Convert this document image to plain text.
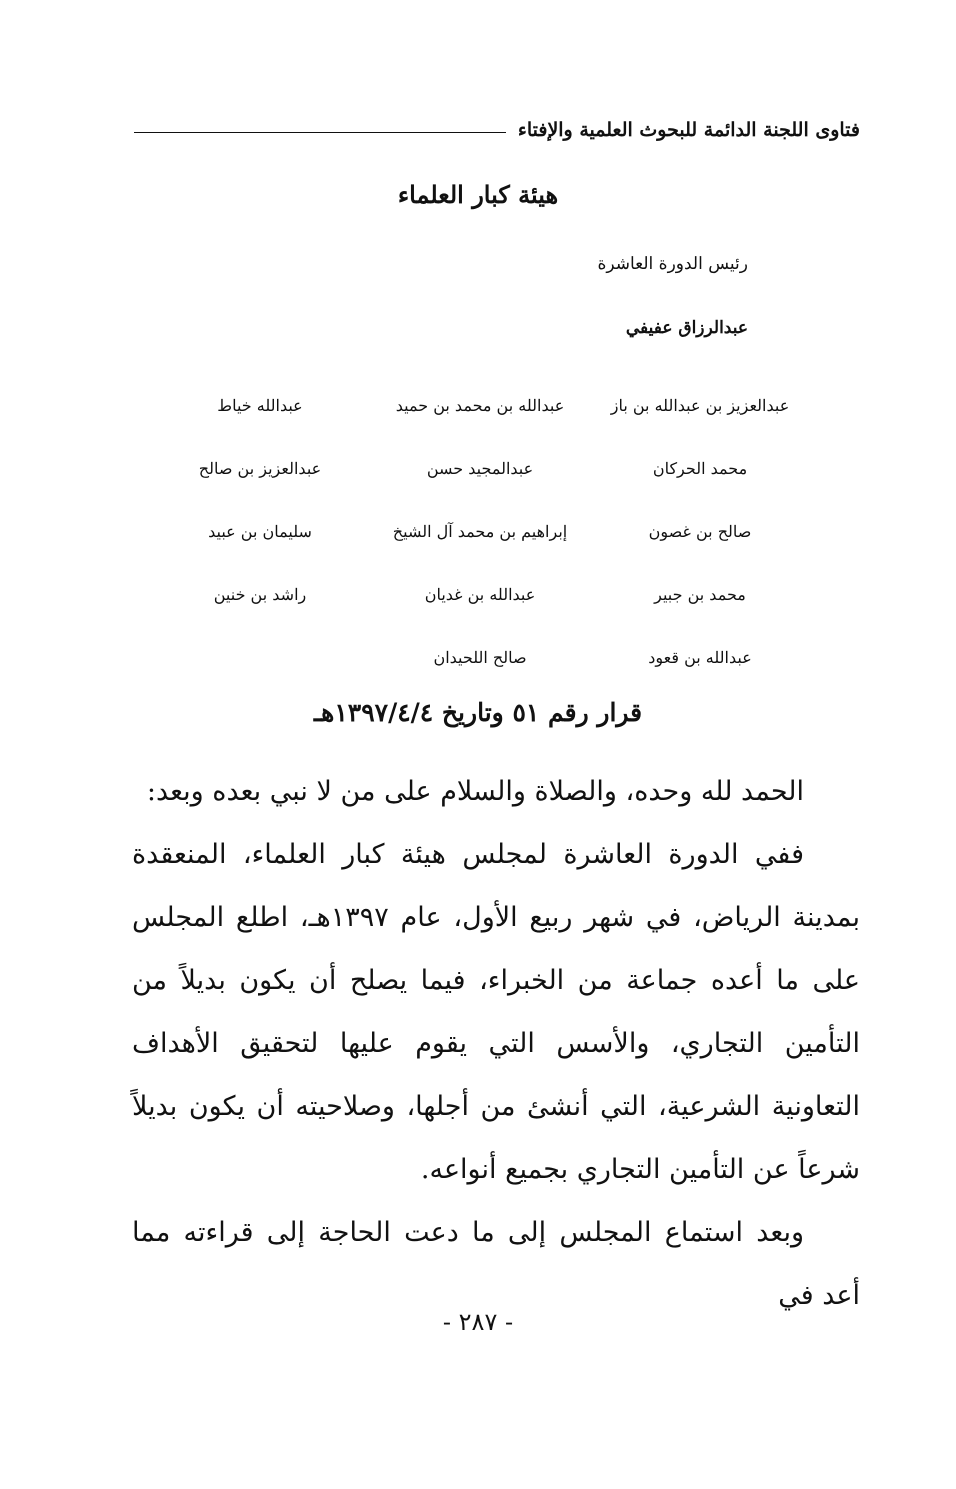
فتاوى اللجنة الدائمة للبحوث العلمية والإفتاء
هيئة كبار العلماء
رئيس الدورة العاشرة
عبدالرزاق عفيفي
عبدالعزيز بن عبدالله بن باز
عبدالله بن محمد بن حميد
عبدالله خياط
محمد الحركان
عبدالمجيد حسن
عبدالعزيز بن صالح
صالح بن غصون
إبراهيم بن محمد آل الشيخ
سليمان بن عبيد
محمد بن جبير
عبدالله بن غديان
راشد بن خنين
عبدالله بن قعود
صالح اللحيدان
قرار رقم ٥١ وتاريخ ١٣٩٧/٤/٤هـ

الحمد لله وحده، والصلاة والسلام على من لا نبي بعده وبعد:

ففي الدورة العاشرة لمجلس هيئة كبار العلماء، المنعقدة بمدينة الرياض، في شهر ربيع الأول، عام ١٣٩٧هـ، اطلع المجلس على ما أعده جماعة من الخبراء، فيما يصلح أن يكون بديلاً من التأمين التجاري، والأسس التي يقوم عليها لتحقيق الأهداف التعاونية الشرعية، التي أنشئ من أجلها، وصلاحيته أن يكون بديلاً شرعاً عن التأمين التجاري بجميع أنواعه.

وبعد استماع المجلس إلى ما دعت الحاجة إلى قراءته مما أعد في

- ٢٨٧ -
